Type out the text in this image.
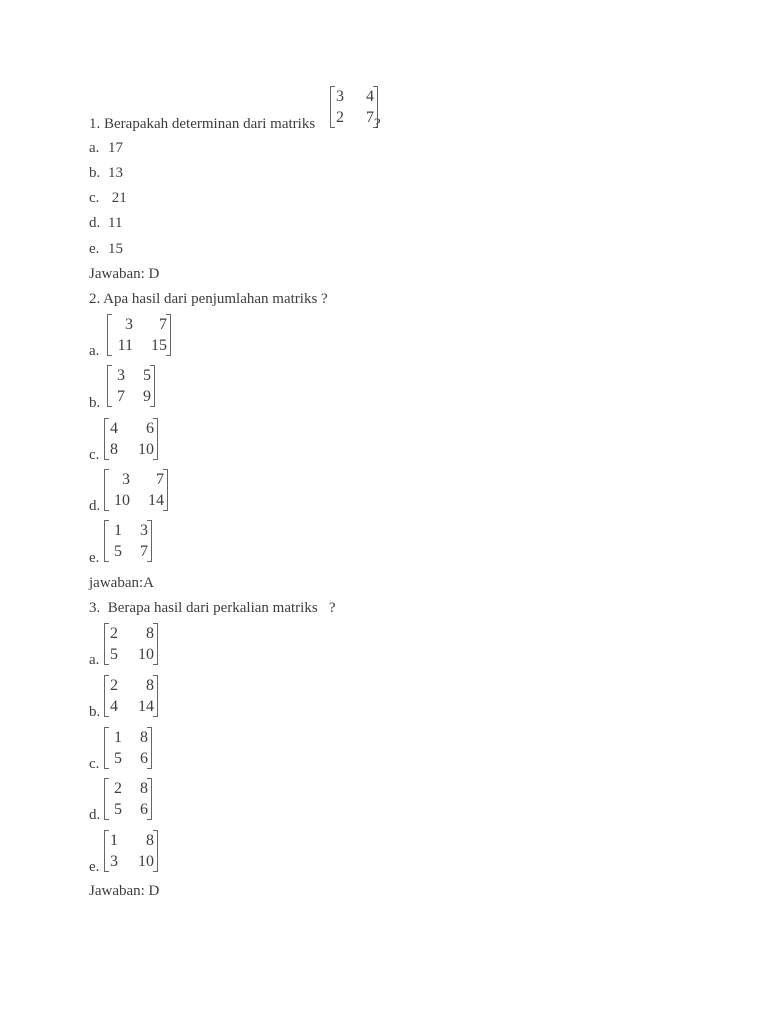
1. Berapakah determinan dari matriks
3 4
2 7 ?
a. 17
b. 13
c. 21
d. 11
e. 15
Jawaban: D
2. Apa hasil dari penjumlahan matriks ?
a.
3	7
11 15
b.
3 5
7 9
c.
4	6
8 10
d.
3	7
10 14
e.
1 3
5 7
jawaban:A
3.  Berapa hasil dari perkalian matriks   ?
a.
2	8
5 10
b.
2	8
4 14
c.
1 8
5 6
d.
2 8
5 6
e.
1	8
3 10
Jawaban: D
